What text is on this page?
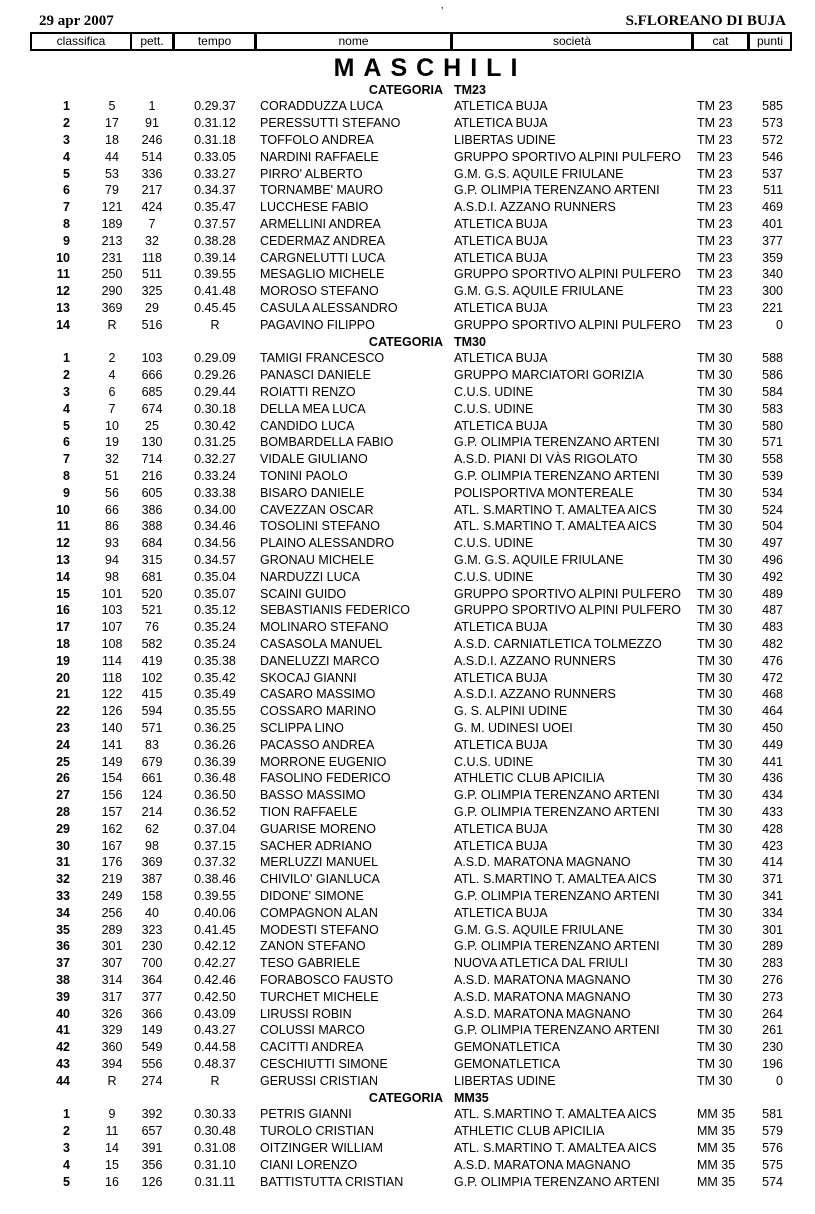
,
29 apr 2007	S.FLOREANO DI BUJA
classifica	pett.	tempo	nome	società	cat	punti
MASCHILI
CATEGORIA TM23
1	5	1	0.29.37	CORADDUZZA LUCA	ATLETICA BUJA	TM 23	585
2	17	91	0.31.12	PERESSUTTI STEFANO	ATLETICA BUJA	TM 23	573
3	18	246	0.31.18	TOFFOLO ANDREA	LIBERTAS UDINE	TM 23	572
4	44	514	0.33.05	NARDINI RAFFAELE	GRUPPO SPORTIVO ALPINI PULFERO TM 23	546
5	53	336	0.33.27	PIRRO' ALBERTO	G.M. G.S. AQUILE FRIULANE	TM 23	537
6	79	217	0.34.37	TORNAMBE' MAURO	G.P. OLIMPIA TERENZANO ARTENI	TM 23	511
7	121	424	0.35.47	LUCCHESE FABIO	A.S.D.I. AZZANO RUNNERS	TM 23	469
8	189	7	0.37.57	ARMELLINI ANDREA	ATLETICA BUJA	TM 23	401
9	213	32	0.38.28	CEDERMAZ ANDREA	ATLETICA BUJA	TM 23	377
10	231	118	0.39.14	CARGNELUTTI LUCA	ATLETICA BUJA	TM 23	359
11	250	511	0.39.55	MESAGLIO MICHELE	GRUPPO SPORTIVO ALPINI PULFERO TM 23	340
12	290	325	0.41.48	MOROSO STEFANO	G.M. G.S. AQUILE FRIULANE	TM 23	300
13	369	29	0.45.45	CASULA ALESSANDRO	ATLETICA BUJA	TM 23	221
14	R	516	R	PAGAVINO FILIPPO	GRUPPO SPORTIVO ALPINI PULFERO TM 23	0
CATEGORIA TM30
1	2	103	0.29.09	TAMIGI FRANCESCO	ATLETICA BUJA	TM 30	588
2	4	666	0.29.26	PANASCI DANIELE	GRUPPO MARCIATORI GORIZIA	TM 30	586
3	6	685	0.29.44	ROIATTI RENZO	C.U.S. UDINE	TM 30	584
4	7	674	0.30.18	DELLA MEA LUCA	C.U.S. UDINE	TM 30	583
5	10	25	0.30.42	CANDIDO LUCA	ATLETICA BUJA	TM 30	580
6	19	130	0.31.25	BOMBARDELLA FABIO	G.P. OLIMPIA TERENZANO ARTENI	TM 30	571
7	32	714	0.32.27	VIDALE GIULIANO	A.S.D. PIANI DI VÀS RIGOLATO	TM 30	558
8	51	216	0.33.24	TONINI PAOLO	G.P. OLIMPIA TERENZANO ARTENI	TM 30	539
9	56	605	0.33.38	BISARO DANIELE	POLISPORTIVA MONTEREALE	TM 30	534
10	66	386	0.34.00	CAVEZZAN OSCAR	ATL. S.MARTINO T. AMALTEA AICS	TM 30	524
11	86	388	0.34.46	TOSOLINI STEFANO	ATL. S.MARTINO T. AMALTEA AICS	TM 30	504
12	93	684	0.34.56	PLAINO ALESSANDRO	C.U.S. UDINE	TM 30	497
13	94	315	0.34.57	GRONAU MICHELE	G.M. G.S. AQUILE FRIULANE	TM 30	496
14	98	681	0.35.04	NARDUZZI LUCA	C.U.S. UDINE	TM 30	492
15	101	520	0.35.07	SCAINI GUIDO	GRUPPO SPORTIVO ALPINI PULFERO TM 30	489
16	103	521	0.35.12	SEBASTIANIS FEDERICO	GRUPPO SPORTIVO ALPINI PULFERO TM 30	487
17	107	76	0.35.24	MOLINARO STEFANO	ATLETICA BUJA	TM 30	483
18	108	582	0.35.24	CASASOLA MANUEL	A.S.D. CARNIATLETICA TOLMEZZO	TM 30	482
19	114	419	0.35.38	DANELUZZI MARCO	A.S.D.I. AZZANO RUNNERS	TM 30	476
20	118	102	0.35.42	SKOCAJ GIANNI	ATLETICA BUJA	TM 30	472
21	122	415	0.35.49	CASARO MASSIMO	A.S.D.I. AZZANO RUNNERS	TM 30	468
22	126	594	0.35.55	COSSARO MARINO	G. S. ALPINI UDINE	TM 30	464
23	140	571	0.36.25	SCLIPPA LINO	G. M. UDINESI UOEI	TM 30	450
24	141	83	0.36.26	PACASSO ANDREA	ATLETICA BUJA	TM 30	449
25	149	679	0.36.39	MORRONE EUGENIO	C.U.S. UDINE	TM 30	441
26	154	661	0.36.48	FASOLINO FEDERICO	ATHLETIC CLUB APICILIA	TM 30	436
27	156	124	0.36.50	BASSO MASSIMO	G.P. OLIMPIA TERENZANO ARTENI	TM 30	434
28	157	214	0.36.52	TION RAFFAELE	G.P. OLIMPIA TERENZANO ARTENI	TM 30	433
29	162	62	0.37.04	GUARISE MORENO	ATLETICA BUJA	TM 30	428
30	167	98	0.37.15	SACHER ADRIANO	ATLETICA BUJA	TM 30	423
31	176	369	0.37.32	MERLUZZI MANUEL	A.S.D. MARATONA MAGNANO	TM 30	414
32	219	387	0.38.46	CHIVILO' GIANLUCA	ATL. S.MARTINO T. AMALTEA AICS	TM 30	371
33	249	158	0.39.55	DIDONE' SIMONE	G.P. OLIMPIA TERENZANO ARTENI	TM 30	341
34	256	40	0.40.06	COMPAGNON ALAN	ATLETICA BUJA	TM 30	334
35	289	323	0.41.45	MODESTI STEFANO	G.M. G.S. AQUILE FRIULANE	TM 30	301
36	301	230	0.42.12	ZANON STEFANO	G.P. OLIMPIA TERENZANO ARTENI	TM 30	289
37	307	700	0.42.27	TESO GABRIELE	NUOVA ATLETICA DAL FRIULI	TM 30	283
38	314	364	0.42.46	FORABOSCO FAUSTO	A.S.D. MARATONA MAGNANO	TM 30	276
39	317	377	0.42.50	TURCHET MICHELE	A.S.D. MARATONA MAGNANO	TM 30	273
40	326	366	0.43.09	LIRUSSI ROBIN	A.S.D. MARATONA MAGNANO	TM 30	264
41	329	149	0.43.27	COLUSSI MARCO	G.P. OLIMPIA TERENZANO ARTENI	TM 30	261
42	360	549	0.44.58	CACITTI ANDREA	GEMONATLETICA	TM 30	230
43	394	556	0.48.37	CESCHIUTTI SIMONE	GEMONATLETICA	TM 30	196
44	R	274	R	GERUSSI CRISTIAN	LIBERTAS UDINE	TM 30	0
CATEGORIA MM35
1	9	392	0.30.33	PETRIS GIANNI	ATL. S.MARTINO T. AMALTEA AICS	MM 35	581
2	11	657	0.30.48	TUROLO CRISTIAN	ATHLETIC CLUB APICILIA	MM 35	579
3	14	391	0.31.08	OITZINGER WILLIAM	ATL. S.MARTINO T. AMALTEA AICS	MM 35	576
4	15	356	0.31.10	CIANI LORENZO	A.S.D. MARATONA MAGNANO	MM 35	575
5	16	126	0.31.11	BATTISTUTTA CRISTIAN	G.P. OLIMPIA TERENZANO ARTENI	MM 35	574
